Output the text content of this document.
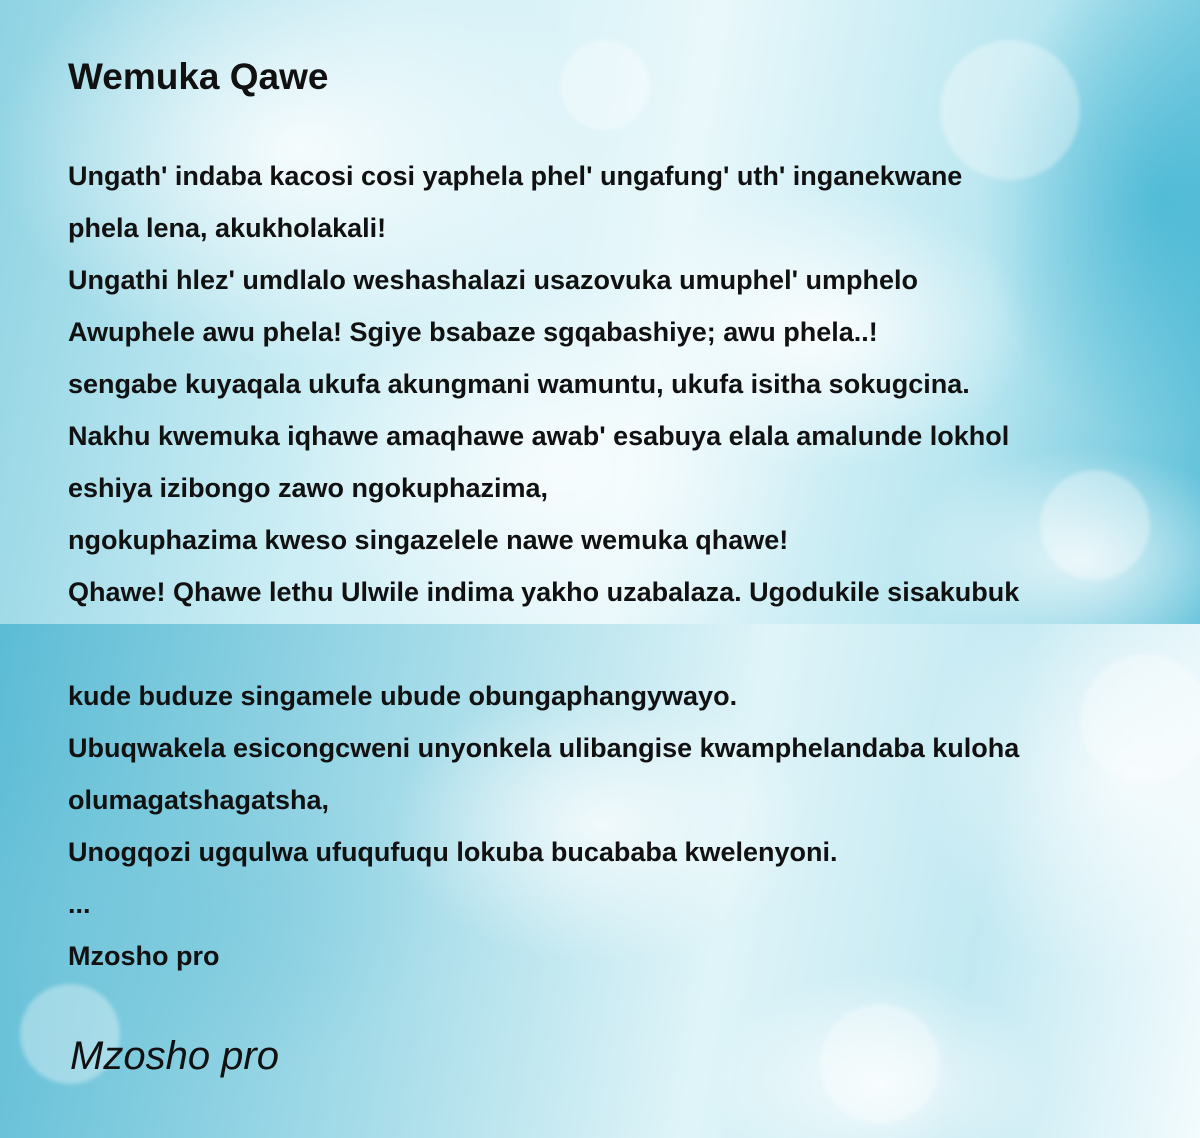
Wemuka Qawe
Ungath' indaba kacosi cosi yaphela phel' ungafung' uth' inganekwane
phela lena, akukholakali!
Ungathi hlez' umdlalo weshashalazi usazovuka umuphel' umphelo
Awuphele awu phela! Sgiye bsabaze sgqabashiye; awu phela..!
sengabe kuyaqala ukufa akungmani wamuntu, ukufa isitha sokugcina.
Nakhu kwemuka iqhawe amaqhawe awab' esabuya elala amalunde lokhol
eshiya izibongo zawo ngokuphazima,
ngokuphazima kweso singazelele nawe wemuka qhawe!
Qhawe! Qhawe lethu Ulwile indima yakho uzabalaza. Ugodukile sisakubuk
kude buduze singamele ubude obungaphangywayo.
Ubuqwakela esicongcweni unyonkela ulibangise kwamphelandaba kuloha
olumagatshagatsha,
Unogqozi ugqulwa ufuqufuqu lokuba bucababa kwelenyoni.
...
Mzosho pro

Mzosho pro
